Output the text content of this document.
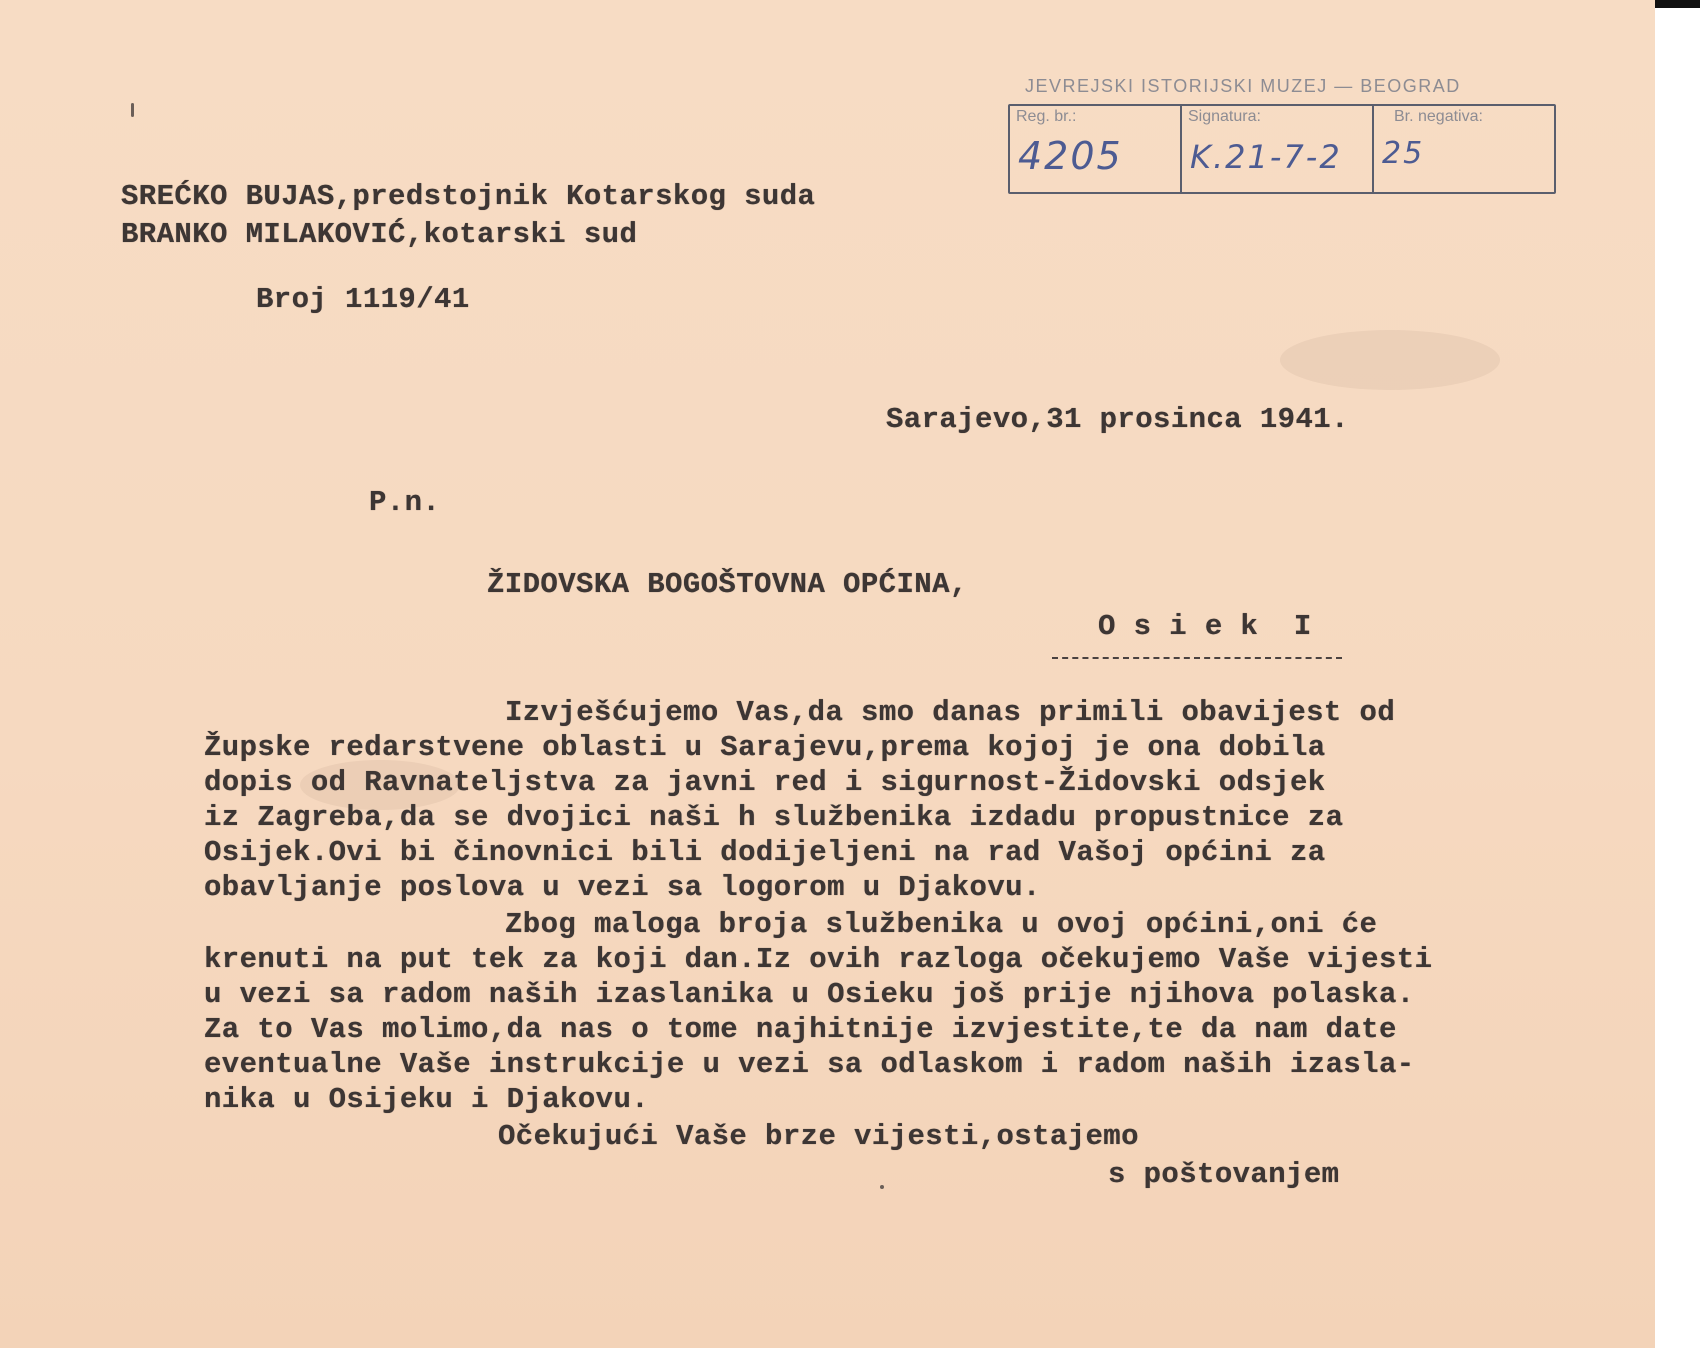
JEVREJSKI ISTORIJSKI MUZEJ — BEOGRAD
Reg. br.:
4205
Signatura:
K.21-7-2
Br. negativa:
25
SREĆKO BUJAS,predstojnik Kotarskog suda
BRANKO MILAKOVIĆ,kotarski sud
Broj 1119/41
Sarajevo,31 prosinca 1941.
P.n.
ŽIDOVSKA BOGOŠTOVNA OPĆINA,
O s i e k  I

Izvješćujemo Vas,da smo danas primili obavijest od

Župske redarstvene oblasti u Sarajevu,prema kojoj je ona dobila

dopis od Ravnateljstva za javni red i sigurnost-Židovski odsjek

iz Zagreba,da se dvojici naši h službenika izdadu propustnice za

Osijek.Ovi bi činovnici bili dodijeljeni na rad Vašoj općini za

obavljanje poslova u vezi sa logorom u Djakovu.

Zbog maloga broja službenika u ovoj općini,oni će

krenuti na put tek za koji dan.Iz ovih razloga očekujemo Vaše vijesti

u vezi sa radom naših izaslanika u Osieku još prije njihova polaska.

Za to Vas molimo,da nas o tome najhitnije izvjestite,te da nam date

eventualne Vaše instrukcije u vezi sa odlaskom i radom naših izasla-

nika u Osijeku i Djakovu.

Očekujući Vaše brze vijesti,ostajemo

s poštovanjem
